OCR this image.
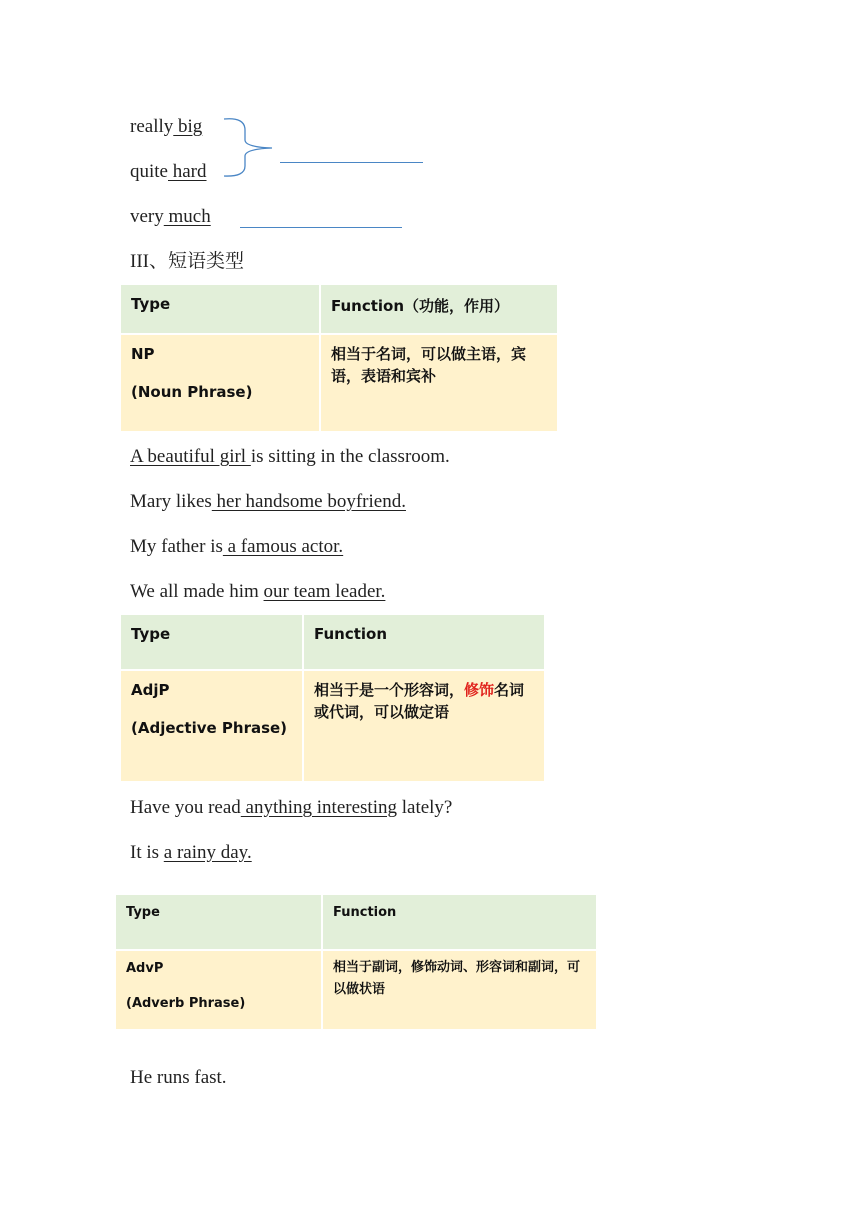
really big
quite hard
very much
III、短语类型
Type	Function（功能，作用）

NP
(Noun Phrase)	相当于名词，可以做主语，宾语，表语和宾补
A beautiful girl is sitting in the classroom.
Mary likes her handsome boyfriend.
My father is a famous actor.
We all made him our team leader.
Type	Function

AdjP
(Adjective Phrase)	相当于是一个形容词，修饰名词或代词，可以做定语
Have you read anything interesting lately?
It is a rainy day.
Type	Function

AdvP
(Adverb Phrase)	相当于副词，修饰动词、形容词和副词，可以做状语
He runs fast.
